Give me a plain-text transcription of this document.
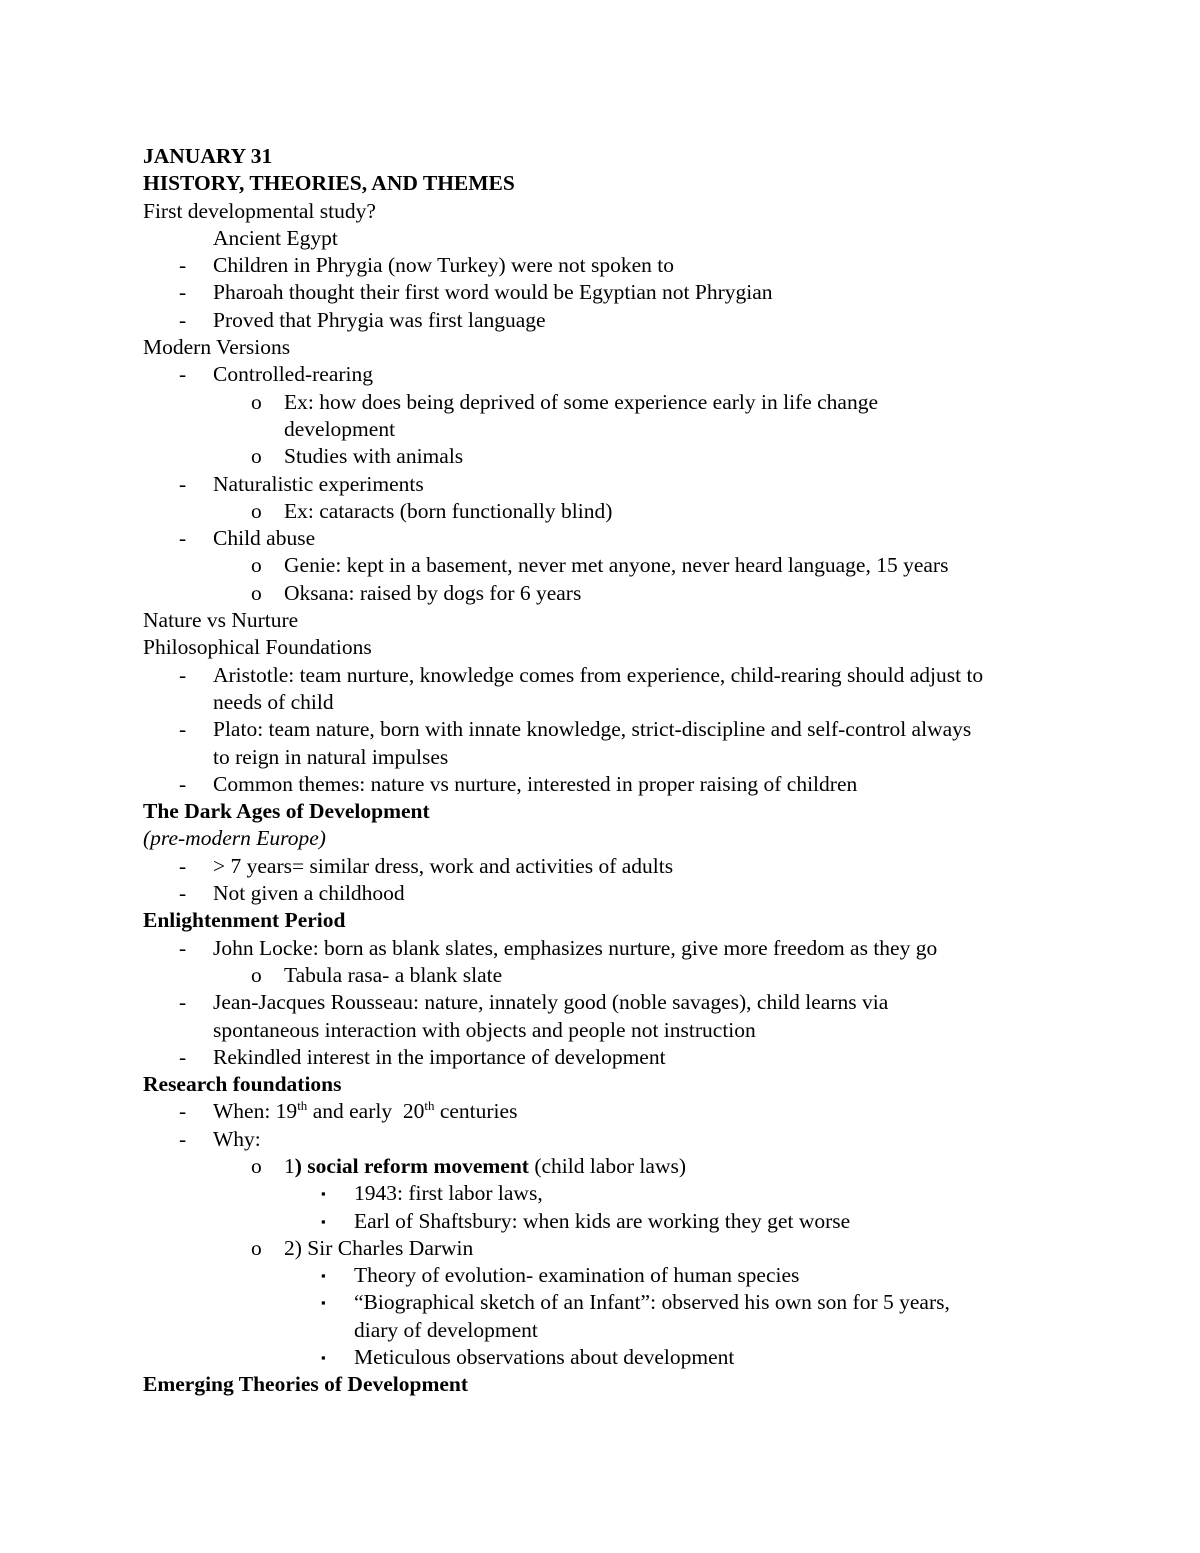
JANUARY 31
HISTORY, THEORIES, AND THEMES
First developmental study?
Ancient Egypt
- Children in Phrygia (now Turkey) were not spoken to
- Pharoah thought their first word would be Egyptian not Phrygian
- Proved that Phrygia was first language
Modern Versions
- Controlled-rearing
o Ex: how does being deprived of some experience early in life change
development
o Studies with animals
- Naturalistic experiments
o Ex: cataracts (born functionally blind)
- Child abuse
o Genie: kept in a basement, never met anyone, never heard language, 15 years
o Oksana: raised by dogs for 6 years
Nature vs Nurture
Philosophical Foundations
- Aristotle: team nurture, knowledge comes from experience, child-rearing should adjust to
needs of child
- Plato: team nature, born with innate knowledge, strict-discipline and self-control always
to reign in natural impulses
- Common themes: nature vs nurture, interested in proper raising of children
The Dark Ages of Development
(pre-modern Europe)
- > 7 years= similar dress, work and activities of adults
- Not given a childhood
Enlightenment Period
- John Locke: born as blank slates, emphasizes nurture, give more freedom as they go
o Tabula rasa- a blank slate
- Jean-Jacques Rousseau: nature, innately good (noble savages), child learns via
spontaneous interaction with objects and people not instruction
- Rekindled interest in the importance of development
Research foundations
- When: 19th and early  20th centuries
- Why:
o 1) social reform movement (child labor laws)
▪ 1943: first labor laws,
▪ Earl of Shaftsbury: when kids are working they get worse
o 2) Sir Charles Darwin
▪ Theory of evolution- examination of human species
▪ “Biographical sketch of an Infant”: observed his own son for 5 years,
diary of development
▪ Meticulous observations about development
Emerging Theories of Development
